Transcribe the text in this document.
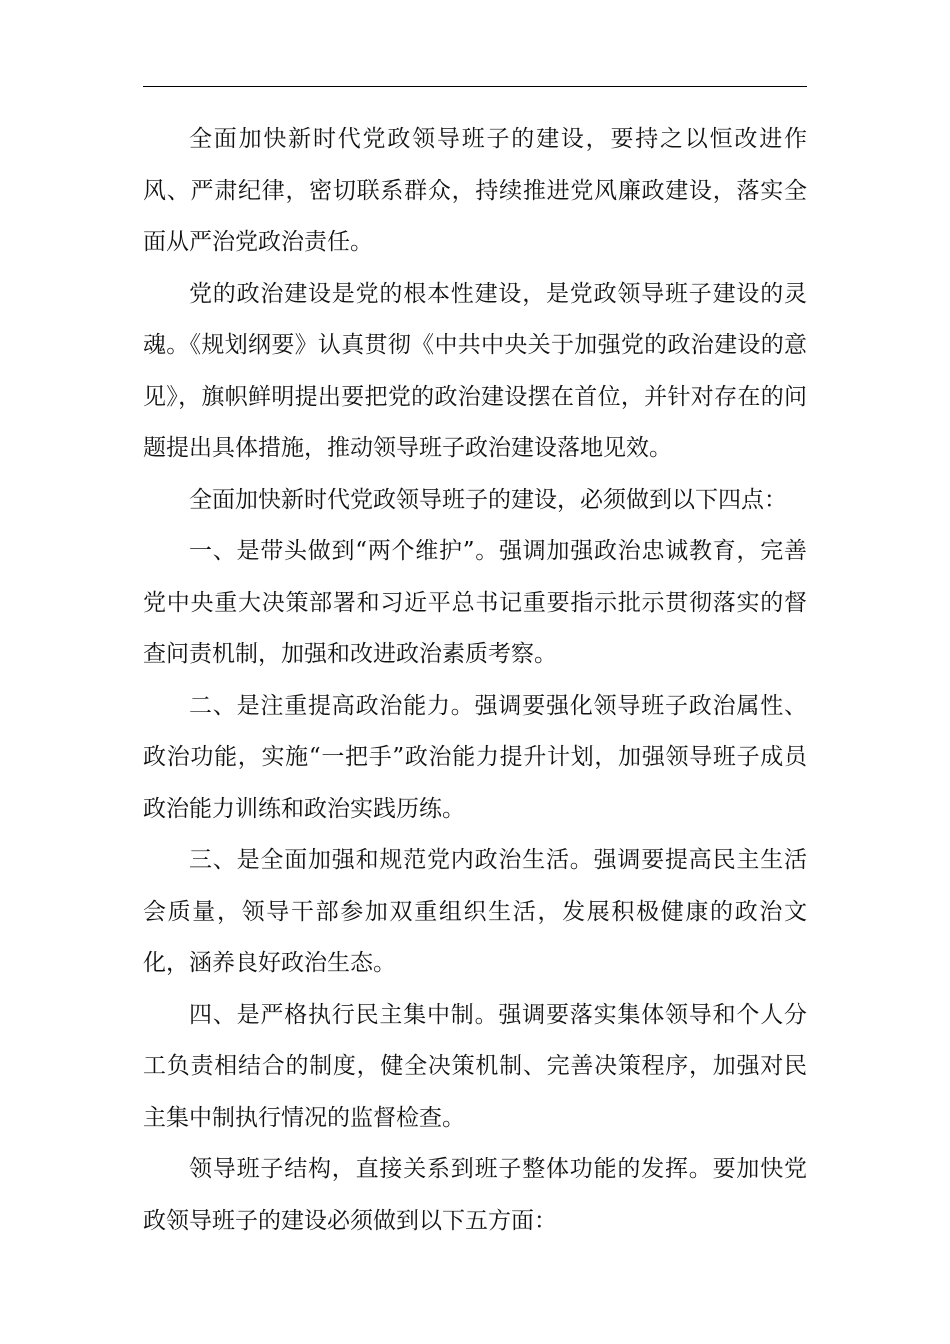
全面加快新时代党政领导班子的建设，要持之以恒改进作风、严肃纪律，密切联系群众，持续推进党风廉政建设，落实全面从严治党政治责任。

党的政治建设是党的根本性建设，是党政领导班子建设的灵魂。《规划纲要》认真贯彻《中共中央关于加强党的政治建设的意见》，旗帜鲜明提出要把党的政治建设摆在首位，并针对存在的问题提出具体措施，推动领导班子政治建设落地见效。

全面加快新时代党政领导班子的建设，必须做到以下四点：

一、是带头做到“两个维护”。强调加强政治忠诚教育，完善党中央重大决策部署和习近平总书记重要指示批示贯彻落实的督查问责机制，加强和改进政治素质考察。

二、是注重提高政治能力。强调要强化领导班子政治属性、政治功能，实施“一把手”政治能力提升计划，加强领导班子成员政治能力训练和政治实践历练。

三、是全面加强和规范党内政治生活。强调要提高民主生活会质量，领导干部参加双重组织生活，发展积极健康的政治文化，涵养良好政治生态。

四、是严格执行民主集中制。强调要落实集体领导和个人分工负责相结合的制度，健全决策机制、完善决策程序，加强对民主集中制执行情况的监督检查。

领导班子结构，直接关系到班子整体功能的发挥。要加快党政领导班子的建设必须做到以下五方面：
